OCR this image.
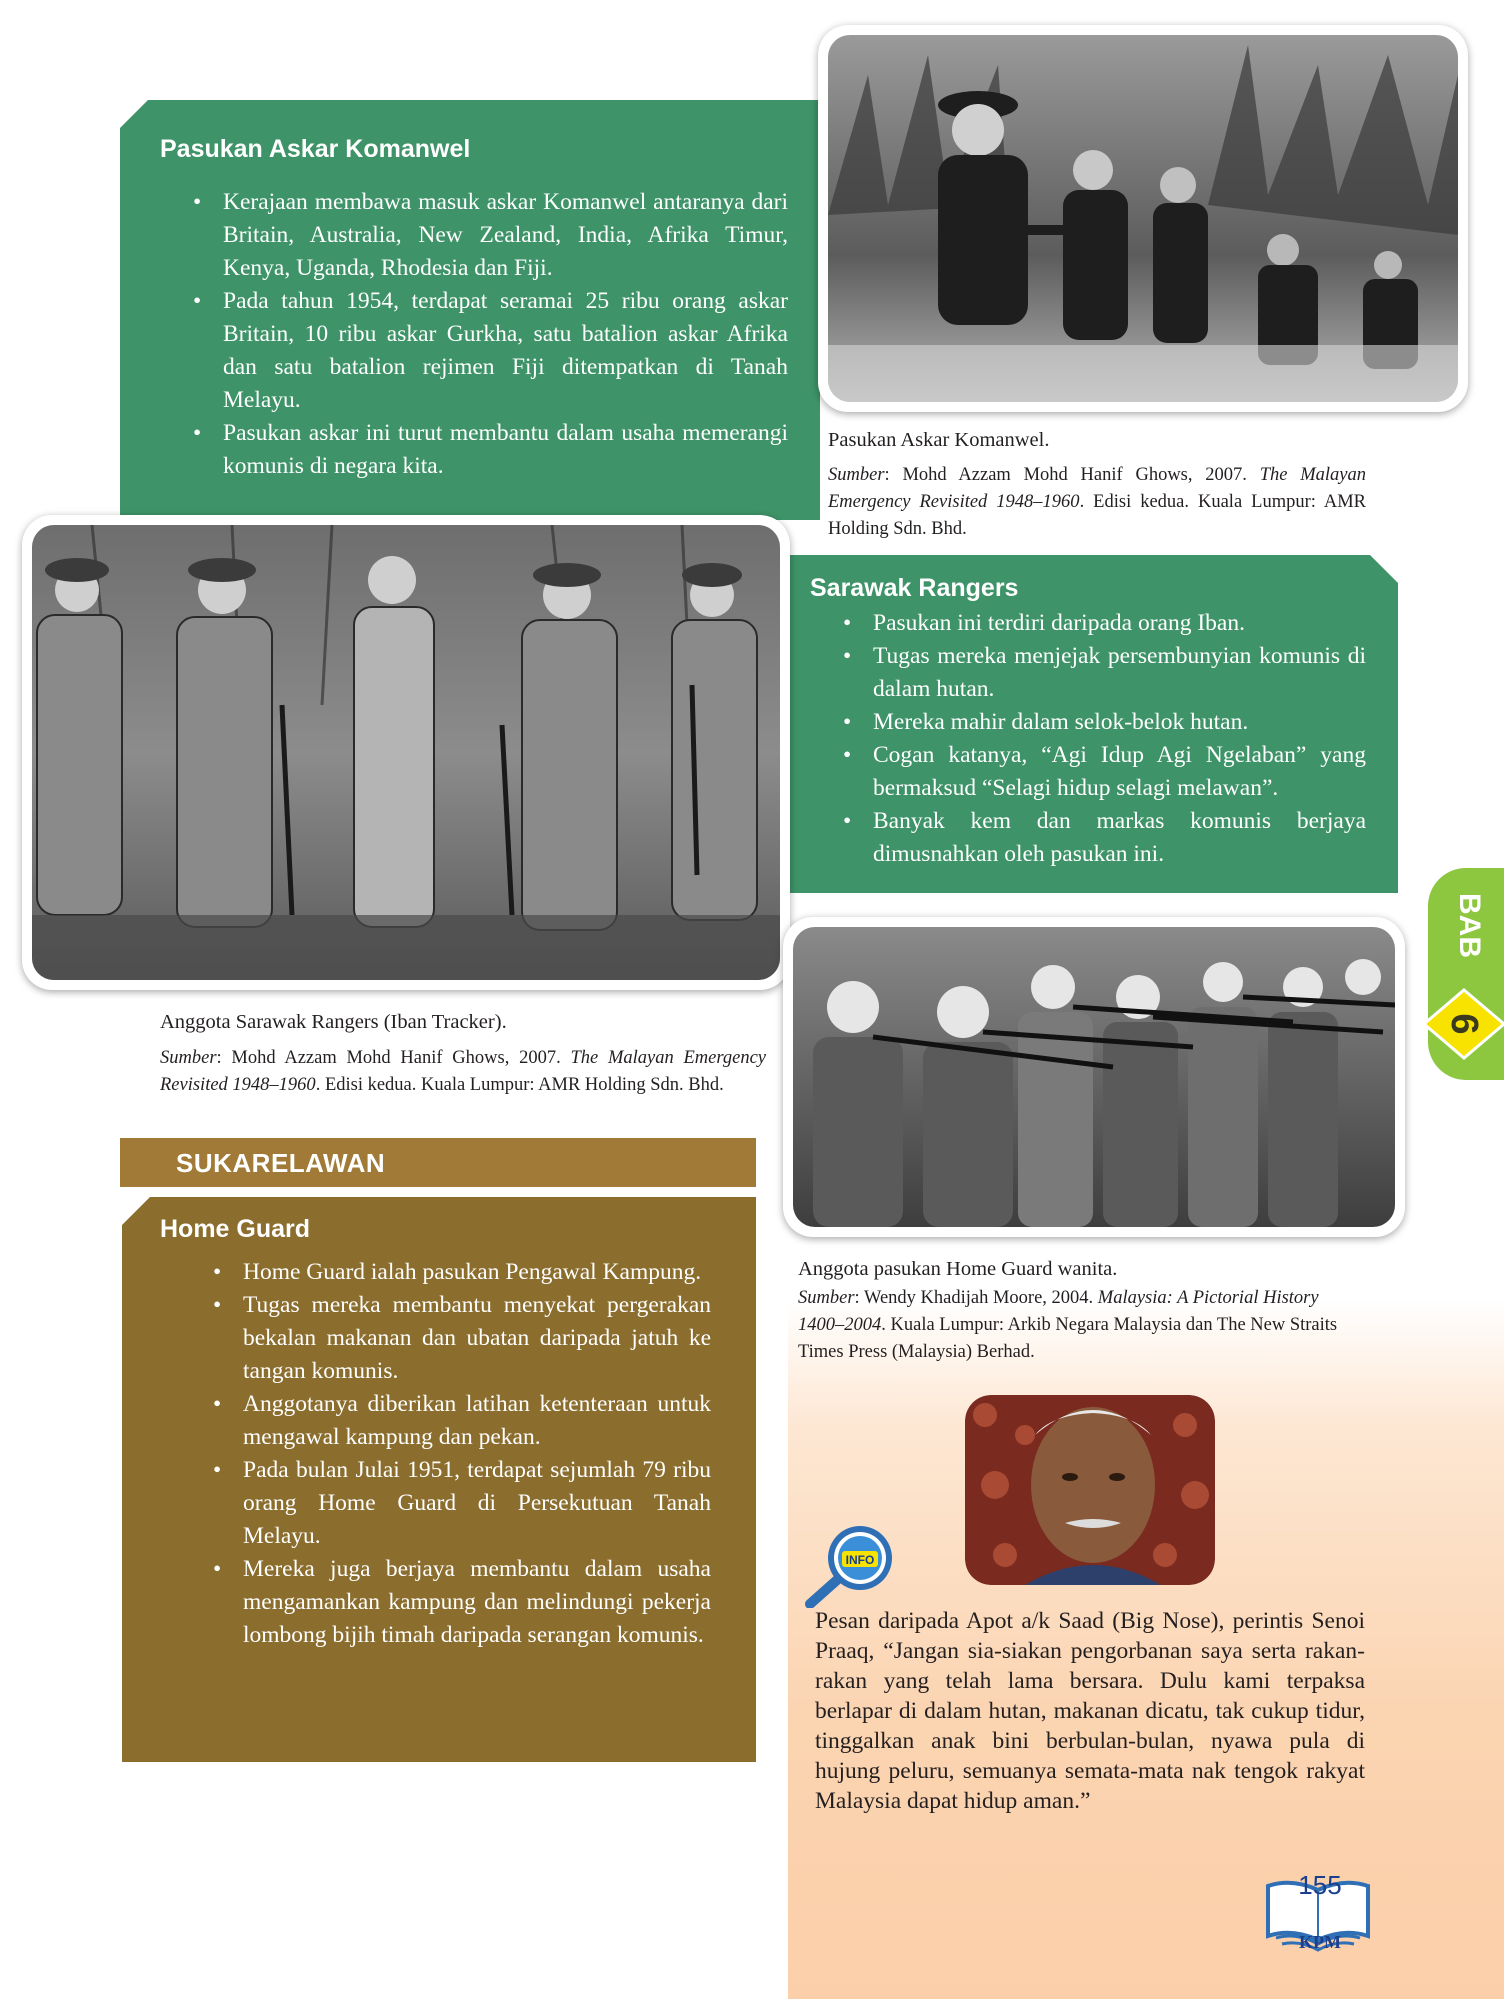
Pasukan Askar Komanwel
• Kerajaan membawa masuk askar Komanwel antaranya dari Britain, Australia, New Zealand, India, Afrika Timur, Kenya, Uganda, Rhodesia dan Fiji.
• Pada tahun 1954, terdapat seramai 25 ribu orang askar Britain, 10 ribu askar Gurkha, satu batalion askar Afrika dan satu batalion rejimen Fiji ditempatkan di Tanah Melayu.
• Pasukan askar ini turut membantu dalam usaha memerangi komunis di negara kita.
Pasukan Askar Komanwel.
Sumber: Mohd Azzam Mohd Hanif Ghows, 2007. The Malayan Emergency Revisited 1948–1960. Edisi kedua. Kuala Lumpur: AMR Holding Sdn. Bhd.
Sarawak Rangers
• Pasukan ini terdiri daripada orang Iban.
• Tugas mereka menjejak persembunyian komunis di dalam hutan.
• Mereka mahir dalam selok-belok hutan.
• Cogan katanya, “Agi Idup Agi Ngelaban” yang bermaksud “Selagi hidup selagi melawan”.
• Banyak kem dan markas komunis berjaya dimusnahkan oleh pasukan ini.
Anggota Sarawak Rangers (Iban Tracker).
Sumber: Mohd Azzam Mohd Hanif Ghows, 2007. The Malayan Emergency Revisited 1948–1960. Edisi kedua. Kuala Lumpur: AMR Holding Sdn. Bhd.
SUKARELAWAN
Home Guard
• Home Guard ialah pasukan Pengawal Kampung.
• Tugas mereka membantu menyekat pergerakan bekalan makanan dan ubatan daripada jatuh ke tangan komunis.
• Anggotanya diberikan latihan ketenteraan untuk mengawal kampung dan pekan.
• Pada bulan Julai 1951, terdapat sejumlah 79 ribu orang Home Guard di Persekutuan Tanah Melayu.
• Mereka juga berjaya membantu dalam usaha mengamankan kampung dan melindungi pekerja lombong bijih timah daripada serangan komunis.
Anggota pasukan Home Guard wanita.
Sumber: Wendy Khadijah Moore, 2004. Malaysia: A Pictorial History 1400–2004. Kuala Lumpur: Arkib Negara Malaysia dan The New Straits Times Press (Malaysia) Berhad.
INFO
Pesan daripada Apot a/k Saad (Big Nose), perintis Senoi Praaq, “Jangan sia-siakan pengorbanan saya serta rakan-rakan yang telah lama bersara. Dulu kami terpaksa berlapar di dalam hutan, makanan dicatu, tak cukup tidur, tinggalkan anak bini berbulan-bulan, nyawa pula di hujung peluru, semuanya semata-mata nak tengok rakyat Malaysia dapat hidup aman.”
BAB
6
155
KPM
